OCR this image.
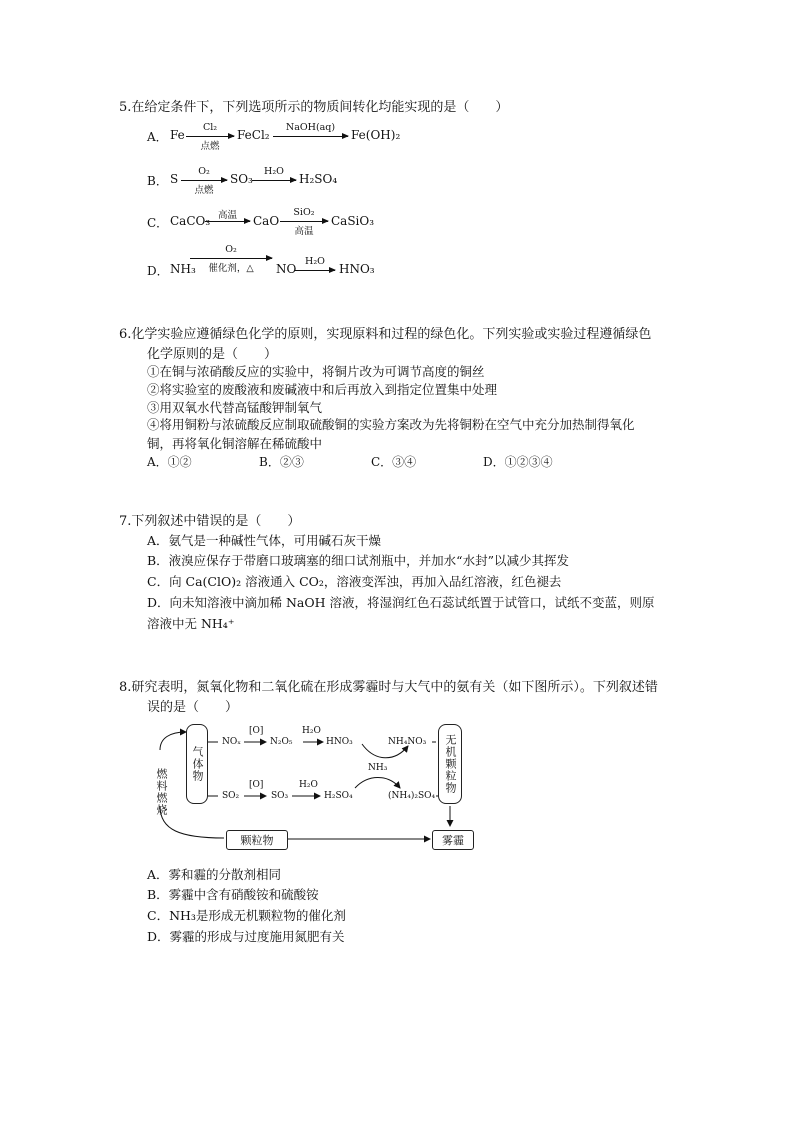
5.在给定条件下，下列选项所示的物质间转化均能实现的是（　　）
A． Fe
Cl₂
点燃
FeCl₂
NaOH(aq)
Fe(OH)₂
B． S
O₂
点燃
SO₃
H₂O
→ H₂SO₄
C． CaCO₃ 高温 → CaO
SiO₂
高温
CaSiO₃
D． NH₃
O₂
催化剂，△	NO
H₂O
→ HNO₃
6.化学实验应遵循绿色化学的原则，实现原料和过程的绿色化。下列实验或实验过程遵循绿色
化学原则的是（　　）
①在铜与浓硝酸反应的实验中，将铜片改为可调节高度的铜丝
②将实验室的废酸液和废碱液中和后再放入到指定位置集中处理
③用双氧水代替高锰酸钾制氧气
④将用铜粉与浓硫酸反应制取硫酸铜的实验方案改为先将铜粉在空气中充分加热制得氧化
铜，再将氧化铜溶解在稀硫酸中
A．①②	B．②③	C．③④	D．①②③④
7.下列叙述中错误的是（　　）
A．氨气是一种碱性气体，可用碱石灰干燥
B．液溴应保存于带磨口玻璃塞的细口试剂瓶中，并加水“水封”以减少其挥发
C．向 Ca(ClO)₂ 溶液通入 CO₂，溶液变浑浊，再加入品红溶液，红色褪去
D．向未知溶液中滴加稀 NaOH 溶液，将湿润红色石蕊试纸置于试管口，试纸不变蓝，则原
溶液中无 NH₄⁺
8.研究表明，氮氧化物和二氧化硫在形成雾霾时与大气中的氨有关（如下图所示）。下列叙述错
误的是（　　）
气体物
燃料燃烧
颗粒物
无机颗粒物
雾霾
NOₓ
[O]
N₂O₅
H₂O
HNO₃	NH₄NO₃
NH₃
SO₂
[O]
SO₃
H₂O
H₂SO₄	(NH₄)₂SO₄
A．雾和霾的分散剂相同
B．雾霾中含有硝酸铵和硫酸铵
C．NH₃是形成无机颗粒物的催化剂
D．雾霾的形成与过度施用氮肥有关
